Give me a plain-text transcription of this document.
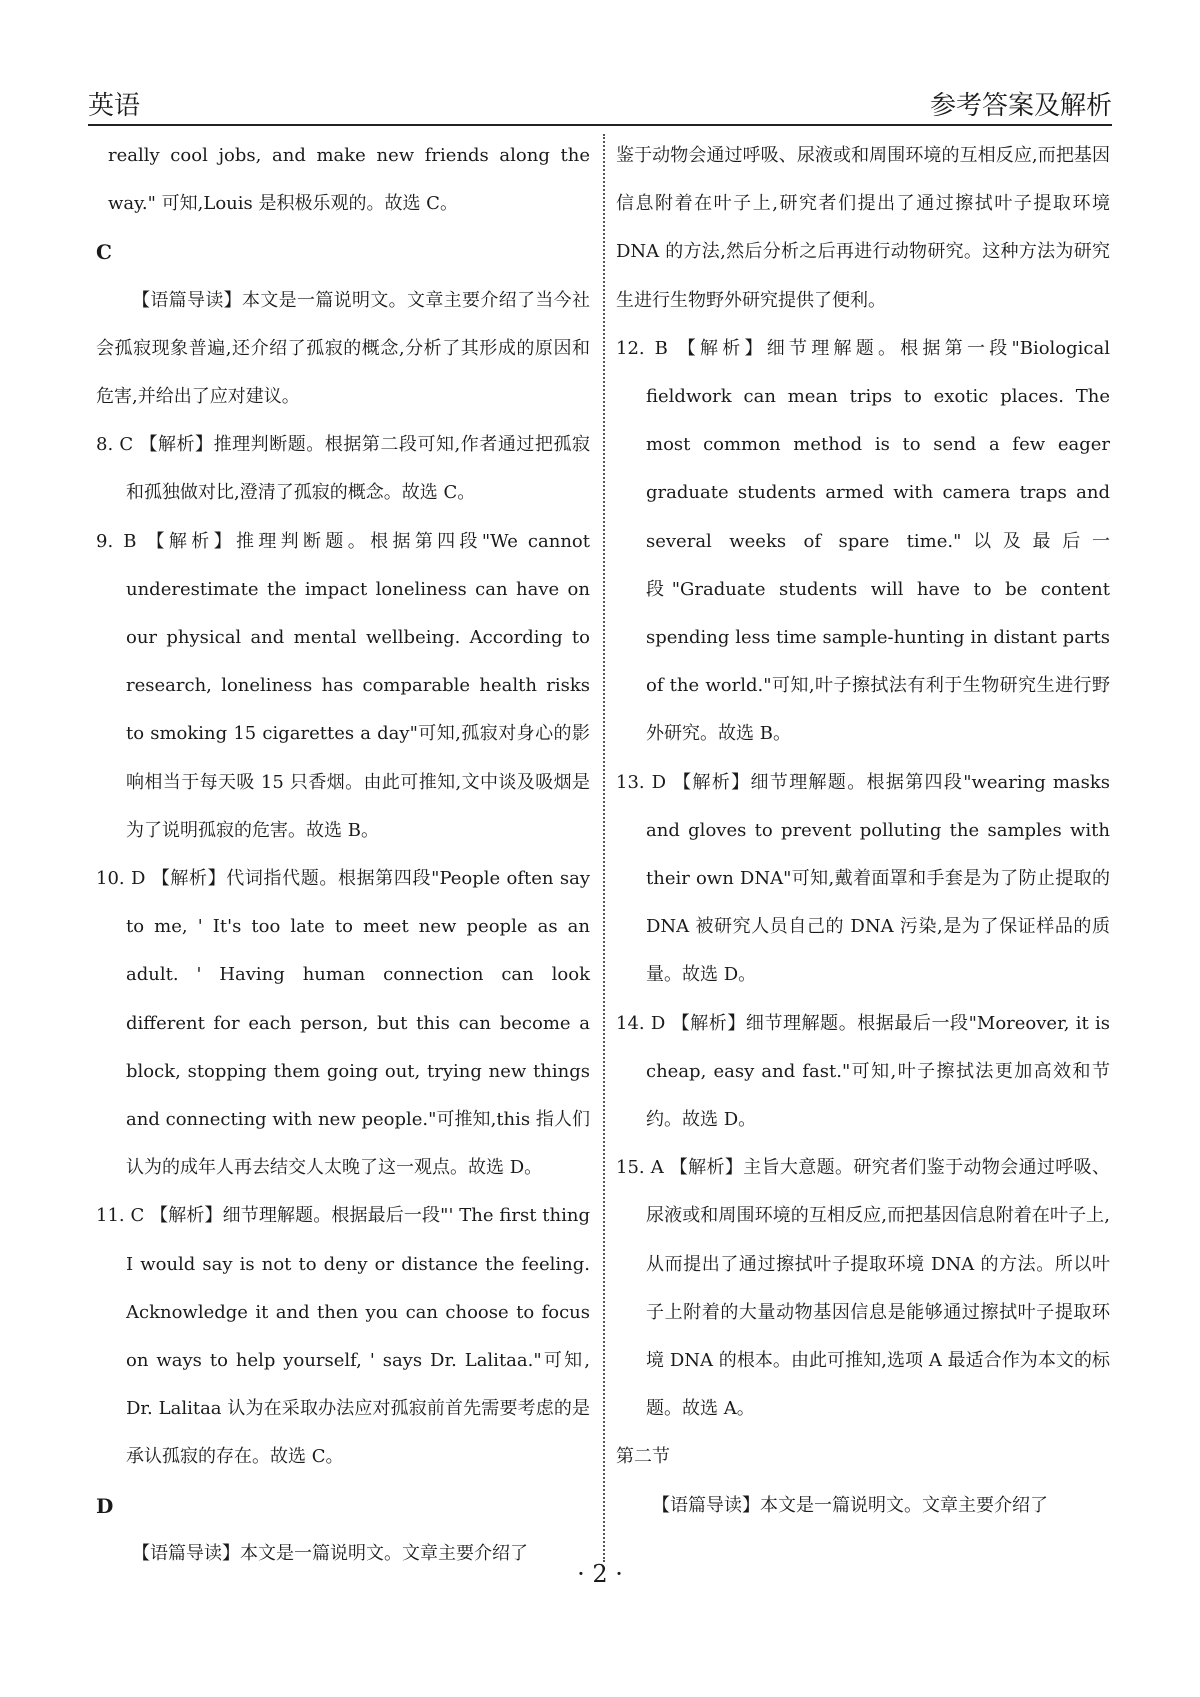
英语	参考答案及解析

really cool jobs, and make new friends along the way." 可知,Louis 是积极乐观的。故选 C。

C

【语篇导读】本文是一篇说明文。文章主要介绍了当今社会孤寂现象普遍,还介绍了孤寂的概念,分析了其形成的原因和危害,并给出了应对建议。

8. C 【解析】推理判断题。根据第二段可知,作者通过把孤寂和孤独做对比,澄清了孤寂的概念。故选 C。

9. B 【解析】推理判断题。根据第四段"We cannot underestimate the impact loneliness can have on our physical and mental wellbeing. According to research, loneliness has comparable health risks to smoking 15 cigarettes a day"可知,孤寂对身心的影响相当于每天吸 15 只香烟。由此可推知,文中谈及吸烟是为了说明孤寂的危害。故选 B。

10. D 【解析】代词指代题。根据第四段"People often say to me, ' It's too late to meet new people as an adult. ' Having human connection can look different for each person, but this can become a block, stopping them going out, trying new things and connecting with new people."可推知,this 指人们认为的成年人再去结交人太晚了这一观点。故选 D。

11. C 【解析】细节理解题。根据最后一段"' The first thing I would say is not to deny or distance the feeling. Acknowledge it and then you can choose to focus on ways to help yourself, ' says Dr. Lalitaa."可知, Dr. Lalitaa 认为在采取办法应对孤寂前首先需要考虑的是承认孤寂的存在。故选 C。

D

【语篇导读】本文是一篇说明文。文章主要介绍了

鉴于动物会通过呼吸、尿液或和周围环境的互相反应,而把基因信息附着在叶子上,研究者们提出了通过擦拭叶子提取环境 DNA 的方法,然后分析之后再进行动物研究。这种方法为研究生进行生物野外研究提供了便利。

12. B 【解析】细节理解题。根据第一段"Biological fieldwork can mean trips to exotic places. The most common method is to send a few eager graduate students armed with camera traps and several weeks of spare time."以及最后一段"Graduate students will have to be content spending less time sample-hunting in distant parts of the world."可知,叶子擦拭法有利于生物研究生进行野外研究。故选 B。

13. D 【解析】细节理解题。根据第四段"wearing masks and gloves to prevent polluting the samples with their own DNA"可知,戴着面罩和手套是为了防止提取的 DNA 被研究人员自己的 DNA 污染,是为了保证样品的质量。故选 D。

14. D 【解析】细节理解题。根据最后一段"Moreover, it is cheap, easy and fast."可知,叶子擦拭法更加高效和节约。故选 D。

15. A 【解析】主旨大意题。研究者们鉴于动物会通过呼吸、尿液或和周围环境的互相反应,而把基因信息附着在叶子上,从而提出了通过擦拭叶子提取环境 DNA 的方法。所以叶子上附着的大量动物基因信息是能够通过擦拭叶子提取环境 DNA 的根本。由此可推知,选项 A 最适合作为本文的标题。故选 A。

第二节

【语篇导读】本文是一篇说明文。文章主要介绍了

· 2 ·
